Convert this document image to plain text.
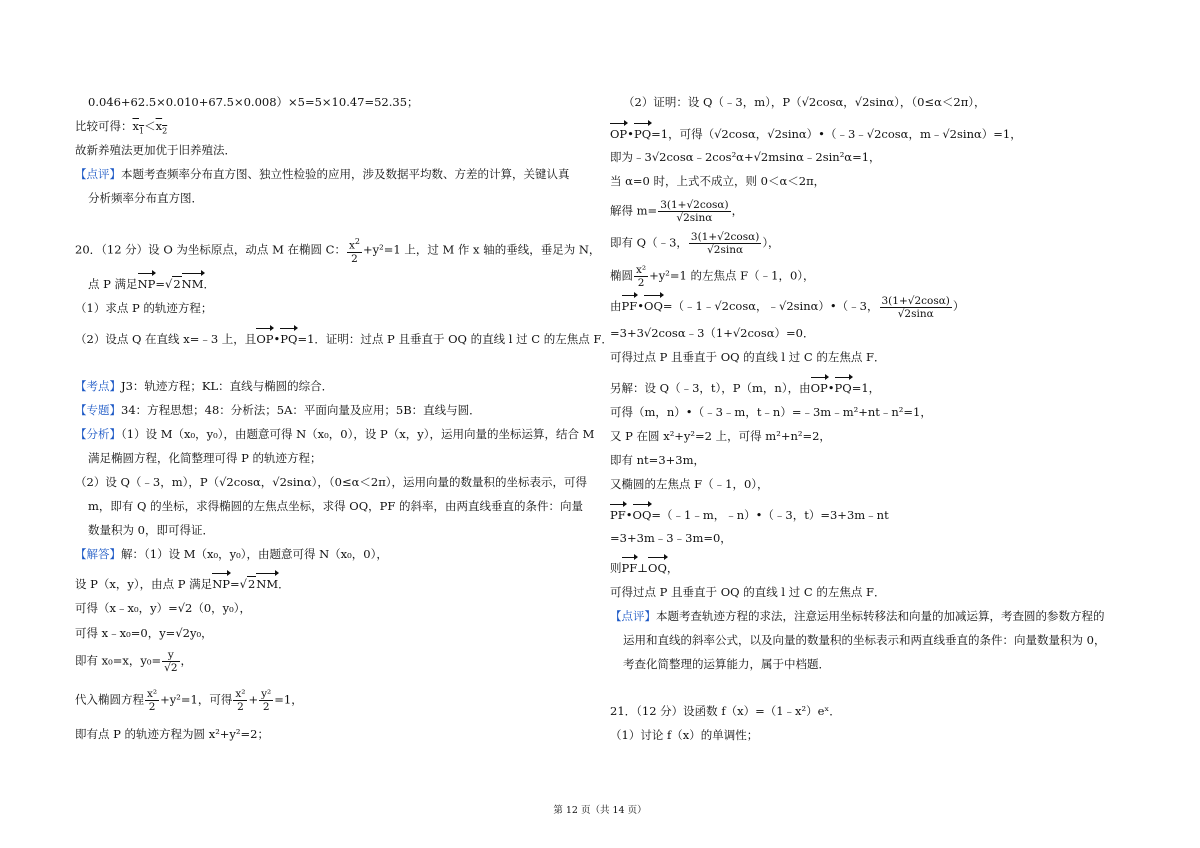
0.046+62.5×0.010+67.5×0.008）×5=5×10.47=52.35；
比较可得：$x_1<x_2$
故新养殖法更加优于旧养殖法．
【点评】本题考查频率分布直方图、独立性检验的应用，涉及数据平均数、方差的计算，关键认真
分析频率分布直方图．
20．（12 分）设 O 为坐标原点，动点 M 在椭圆 C： $\frac{x^2}{2} +y^2=1$ 上，过 M 作 x 轴的垂线，垂足为 N，
点 P 满足NP=√2NM．
（1）求点 P 的轨迹方程；
（2）设点 Q 在直线 x=﹣3 上，且OP•PQ=1．证明：过点 P 且垂直于 OQ 的直线 l 过 C 的左焦点 F．
【考点】J3：轨迹方程；KL：直线与椭圆的综合．
【专题】34：方程思想；48：分析法；5A：平面向量及应用；5B：直线与圆．
【分析】（1）设 M（x₀，y₀），由题意可得 N（x₀，0），设 P（x，y），运用向量的坐标运算，结合 M
满足椭圆方程，化简整理可得 P 的轨迹方程；
（2）设 Q（﹣3，m），P（√2cosα，√2sinα），（0≤α＜2π），运用向量的数量积的坐标表示，可得
m，即有 Q 的坐标，求得椭圆的左焦点坐标，求得 OQ，PF 的斜率，由两直线垂直的条件：向量
数量积为 0，即可得证．
【解答】解：（1）设 M（x₀，y₀），由题意可得 N（x₀，0），
设 P（x，y），由点 P 满足NP=√2NM．
可得（x﹣x₀，y）=√2（0，y₀），
可得 x﹣x₀=0，y=√2y₀，
即有 x₀=x，$y_0= \frac{y}{√2}$ ，
代入椭圆方程 $\frac{\text{x²}}{2} +y^2=1$，可得 $\frac{\text{x²}}{2} + \frac{\text{y²}}{2} =1$，
即有点 P 的轨迹方程为圆 x²+y²=2；
（2）证明：设 Q（﹣3，m），P（√2cosα，√2sinα），（0≤α＜2π），
OP•PQ=1，可得（√2cosα，√2sinα）•（﹣3﹣√2cosα，m﹣√2sinα）=1，
即为﹣3√2cosα﹣2cos²α+√2msinα﹣2sin²α=1，
当 α=0 时，上式不成立，则 0＜α＜2π，
解得 $m= \frac{3(1+√2\cos\alpha)}{√2\sin\alpha}$ ，
即有 Q（﹣3， $\frac{3(1+√2\cos\alpha)}{√2\sin\alpha}$ ），
椭圆 $\frac{\text{x²}}{2} +y^2=1$ 的左焦点 F（﹣1，0），
由PF•OQ=（﹣1﹣√2cosα，﹣√2sinα）•（﹣3， $\frac{3(1+√2\cos\alpha)}{√2\sin\alpha}$ ）
=3+3√2cosα﹣3（1+√2cosα）=0．
可得过点 P 且垂直于 OQ 的直线 l 过 C 的左焦点 F．
另解：设 Q（﹣3，t），P（m，n），由OP•PQ=1，
可得（m，n）•（﹣3﹣m，t﹣n）=﹣3m﹣m²+nt﹣n²=1，
又 P 在圆 x²+y²=2 上，可得 m²+n²=2，
即有 nt=3+3m，
又椭圆的左焦点 F（﹣1，0），
PF•OQ=（﹣1﹣m，﹣n）•（﹣3，t）=3+3m﹣nt
=3+3m﹣3﹣3m=0，
则PF⊥OQ，
可得过点 P 且垂直于 OQ 的直线 l 过 C 的左焦点 F．
【点评】本题考查轨迹方程的求法，注意运用坐标转移法和向量的加减运算，考查圆的参数方程的
运用和直线的斜率公式，以及向量的数量积的坐标表示和两直线垂直的条件：向量数量积为 0，
考查化简整理的运算能力，属于中档题．
21．（12 分）设函数 f（x）=（1﹣x²）eˣ．
（1）讨论 f（x）的单调性；
第 12 页（共 14 页）
